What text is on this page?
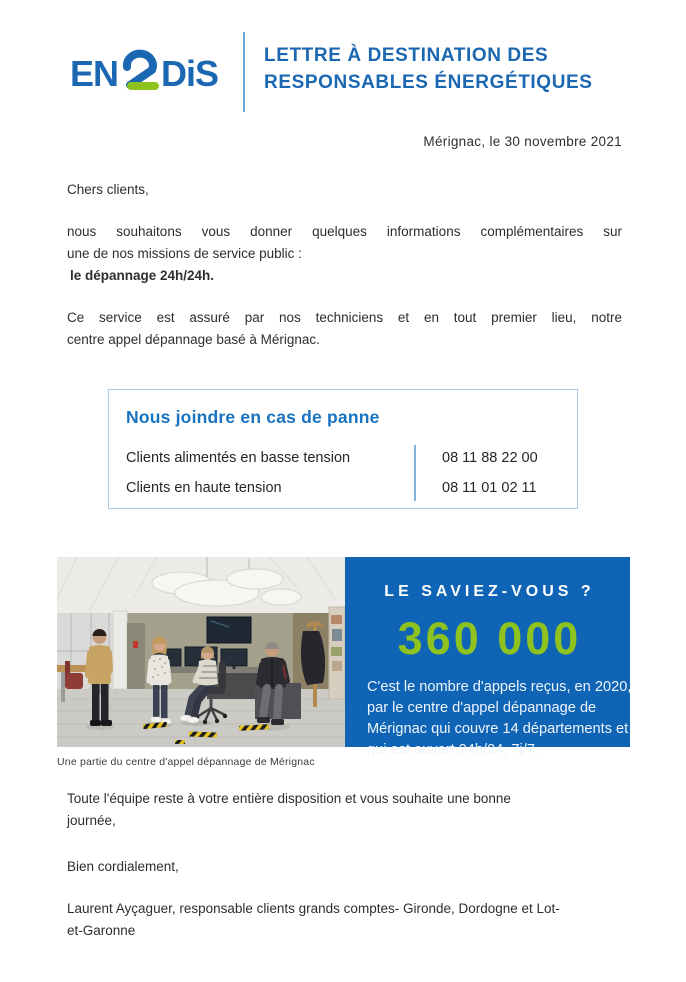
EN DiS LETTRE À DESTINATION DES
RESPONSABLES ÉNERGÉTIQUES
Mérignac, le 30 novembre 2021
Chers clients,

nous souhaitons vous donner quelques informations complémentaires sur
une de nos missions de service public :
le dépannage 24h/24h.

Ce service est assuré par nos techniciens et en tout premier lieu, notre
centre appel dépannage basé à Mérignac.

Nous joindre en cas de panne
Clients alimentés en basse tension
Clients en haute tension
08 11 88 22 00
08 11 01 02 11
LE SAVIEZ-VOUS ?
360 000
C'est le nombre d'appels reçus, en 2020,
par le centre d'appel dépannage de
Mérignac qui couvre 14 départements et
qui est ouvert 24h/24, 7j/7.
Une partie du centre d'appel dépannage de Mérignac

Toute l'équipe reste à votre entière disposition et vous souhaite une bonne
journée,

Bien cordialement,

Laurent Ayçaguer, responsable clients grands comptes- Gironde, Dordogne et Lot-
et-Garonne
